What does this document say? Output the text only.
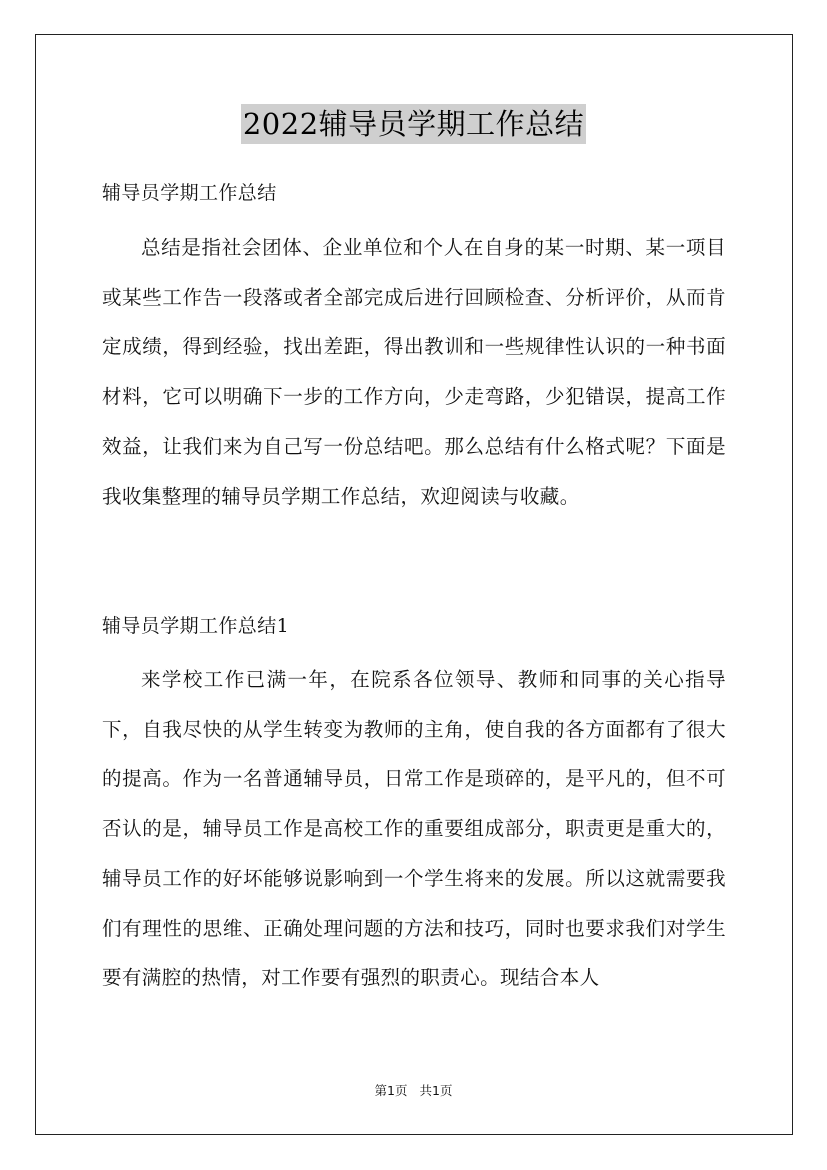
2022辅导员学期工作总结
辅导员学期工作总结
总结是指社会团体、企业单位和个人在自身的某一时期、某一项目或某些工作告一段落或者全部完成后进行回顾检查、分析评价，从而肯定成绩，得到经验，找出差距，得出教训和一些规律性认识的一种书面材料，它可以明确下一步的工作方向，少走弯路，少犯错误，提高工作效益，让我们来为自己写一份总结吧。那么总结有什么格式呢？下面是我收集整理的辅导员学期工作总结，欢迎阅读与收藏。
辅导员学期工作总结1
来学校工作已满一年，在院系各位领导、教师和同事的关心指导下，自我尽快的从学生转变为教师的主角，使自我的各方面都有了很大的提高。作为一名普通辅导员，日常工作是琐碎的，是平凡的，但不可否认的是，辅导员工作是高校工作的重要组成部分，职责更是重大的，辅导员工作的好坏能够说影响到一个学生将来的发展。所以这就需要我们有理性的思维、正确处理问题的方法和技巧，同时也要求我们对学生要有满腔的热情，对工作要有强烈的职责心。现结合本人
第1页 共1页
